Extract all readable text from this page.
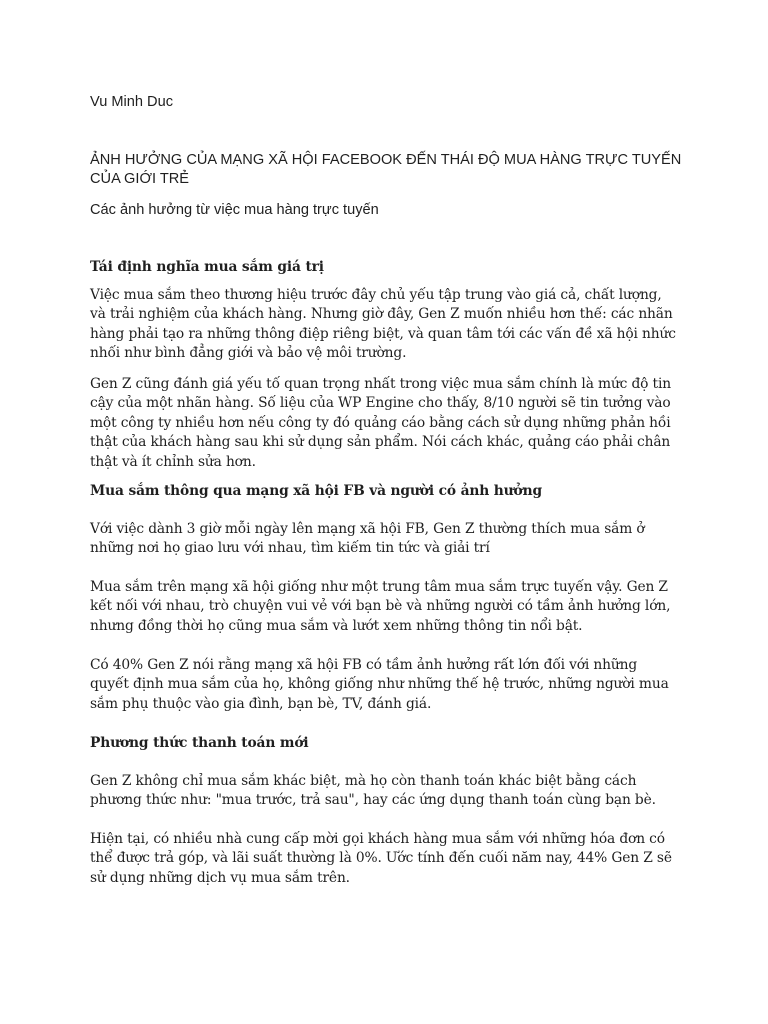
Vu Minh Duc
ẢNH HƯỞNG CỦA MẠNG XÃ HỘI FACEBOOK ĐẾN THÁI ĐỘ MUA HÀNG TRỰC TUYẾN CỦA GIỚI TRẺ
Các ảnh hưởng từ việc mua hàng trực tuyến
Tái định nghĩa mua sắm giá trị

Việc mua sắm theo thương hiệu trước đây chủ yếu tập trung vào giá cả, chất lượng, và trải nghiệm của khách hàng. Nhưng giờ đây, Gen Z muốn nhiều hơn thế: các nhãn hàng phải tạo ra những thông điệp riêng biệt, và quan tâm tới các vấn đề xã hội nhức nhối như bình đẳng giới và bảo vệ môi trường.

Gen Z cũng đánh giá yếu tố quan trọng nhất trong việc mua sắm chính là mức độ tin cậy của một nhãn hàng. Số liệu của WP Engine cho thấy, 8/10 người sẽ tin tưởng vào một công ty nhiều hơn nếu công ty đó quảng cáo bằng cách sử dụng những phản hồi thật của khách hàng sau khi sử dụng sản phẩm. Nói cách khác, quảng cáo phải chân thật và ít chỉnh sửa hơn.

Mua sắm thông qua mạng xã hội FB và người có ảnh hưởng

Với việc dành 3 giờ mỗi ngày lên mạng xã hội FB, Gen Z thường thích mua sắm ở những nơi họ giao lưu với nhau, tìm kiếm tin tức và giải trí

Mua sắm trên mạng xã hội giống như một trung tâm mua sắm trực tuyến vậy. Gen Z kết nối với nhau, trò chuyện vui vẻ với bạn bè và những người có tầm ảnh hưởng lớn, nhưng đồng thời họ cũng mua sắm và lướt xem những thông tin nổi bật.

Có 40% Gen Z nói rằng mạng xã hội FB có tầm ảnh hưởng rất lớn đối với những quyết định mua sắm của họ, không giống như những thế hệ trước, những người mua sắm phụ thuộc vào gia đình, bạn bè, TV, đánh giá.

Phương thức thanh toán mới

Gen Z không chỉ mua sắm khác biệt, mà họ còn thanh toán khác biệt bằng cách phương thức như: "mua trước, trả sau", hay các ứng dụng thanh toán cùng bạn bè.

Hiện tại, có nhiều nhà cung cấp mời gọi khách hàng mua sắm với những hóa đơn có thể được trả góp, và lãi suất thường là 0%. Ước tính đến cuối năm nay, 44% Gen Z sẽ sử dụng những dịch vụ mua sắm trên.
